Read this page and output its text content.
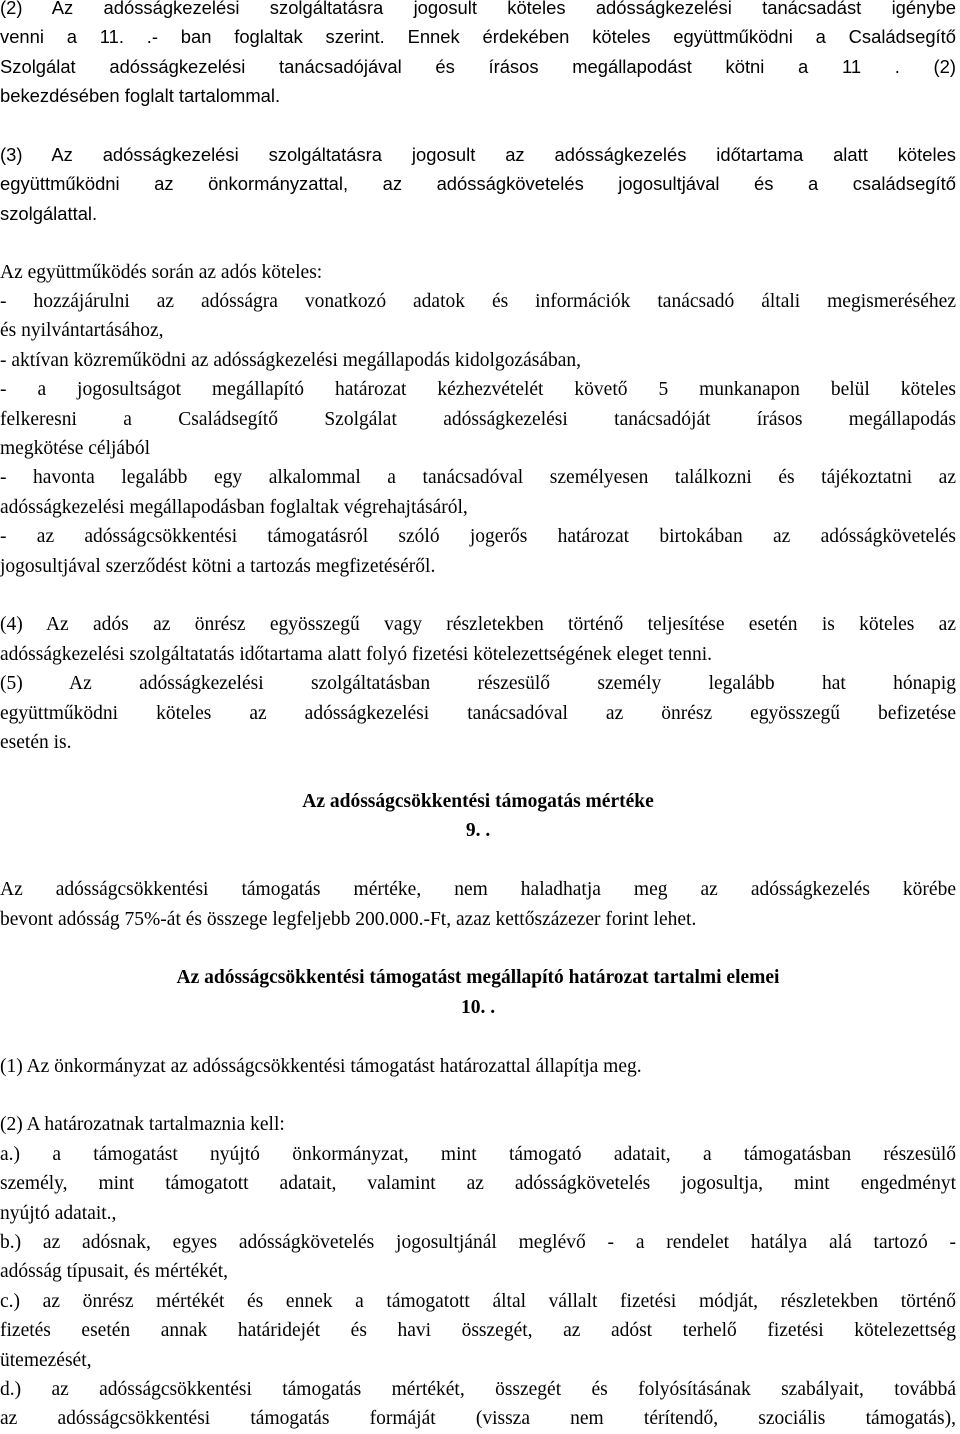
(2) Az adósságkezelési szolgáltatásra jogosult köteles adósságkezelési tanácsadást igénybe
venni a 11. .- ban foglaltak szerint. Ennek érdekében köteles együttműködni a Családsegítő
Szolgálat adósságkezelési tanácsadójával és írásos megállapodást kötni a 11 . (2)
bekezdésében foglalt tartalommal.
(3) Az adósságkezelési szolgáltatásra jogosult az adósságkezelés időtartama alatt köteles
együttműködni az önkormányzattal, az adósságkövetelés jogosultjával és a családsegítő
szolgálattal.
Az együttműködés során az adós köteles:
- hozzájárulni az adósságra vonatkozó adatok és információk tanácsadó általi megismeréséhez
és nyilvántartásához,
- aktívan közreműködni az adósságkezelési megállapodás kidolgozásában,
- a jogosultságot megállapító határozat kézhezvételét követő 5 munkanapon belül köteles
felkeresni a Családsegítő Szolgálat adósságkezelési tanácsadóját írásos megállapodás
megkötése céljából
- havonta legalább egy alkalommal a tanácsadóval személyesen találkozni és tájékoztatni az
adósságkezelési megállapodásban foglaltak végrehajtásáról,
- az adósságcsökkentési támogatásról szóló jogerős határozat birtokában az adósságkövetelés
jogosultjával szerződést kötni a tartozás megfizetéséről.
(4) Az adós az önrész egyösszegű vagy részletekben történő teljesítése esetén is köteles az
adósságkezelési szolgáltatatás időtartama alatt folyó fizetési kötelezettségének eleget tenni.
(5) Az adósságkezelési szolgáltatásban részesülő személy legalább hat hónapig
együttműködni köteles az adósságkezelési tanácsadóval az önrész egyösszegű befizetése
esetén is.
Az adósságcsökkentési támogatás mértéke
9. .
Az adósságcsökkentési támogatás mértéke, nem haladhatja meg az adósságkezelés körébe
bevont adósság 75%-át és összege legfeljebb 200.000.-Ft, azaz kettőszázezer forint lehet.
Az adósságcsökkentési támogatást megállapító határozat tartalmi elemei
10. .
(1) Az önkormányzat az adósságcsökkentési támogatást határozattal állapítja meg.
(2) A határozatnak tartalmaznia kell:
a.) a támogatást nyújtó önkormányzat, mint támogató adatait, a támogatásban részesülő
személy, mint támogatott adatait, valamint az adósságkövetelés jogosultja, mint engedményt
nyújtó adatait.,
b.) az adósnak, egyes adósságkövetelés jogosultjánál meglévő - a rendelet hatálya alá tartozó -
adósság típusait, és mértékét,
c.) az önrész mértékét és ennek a támogatott által vállalt fizetési módját, részletekben történő
fizetés esetén annak határidejét és havi összegét, az adóst terhelő fizetési kötelezettség
ütemezését,
d.) az adósságcsökkentési támogatás mértékét, összegét és folyósításának szabályait, továbbá
az adósságcsökkentési támogatás formáját (vissza nem térítendő, szociális támogatás),
